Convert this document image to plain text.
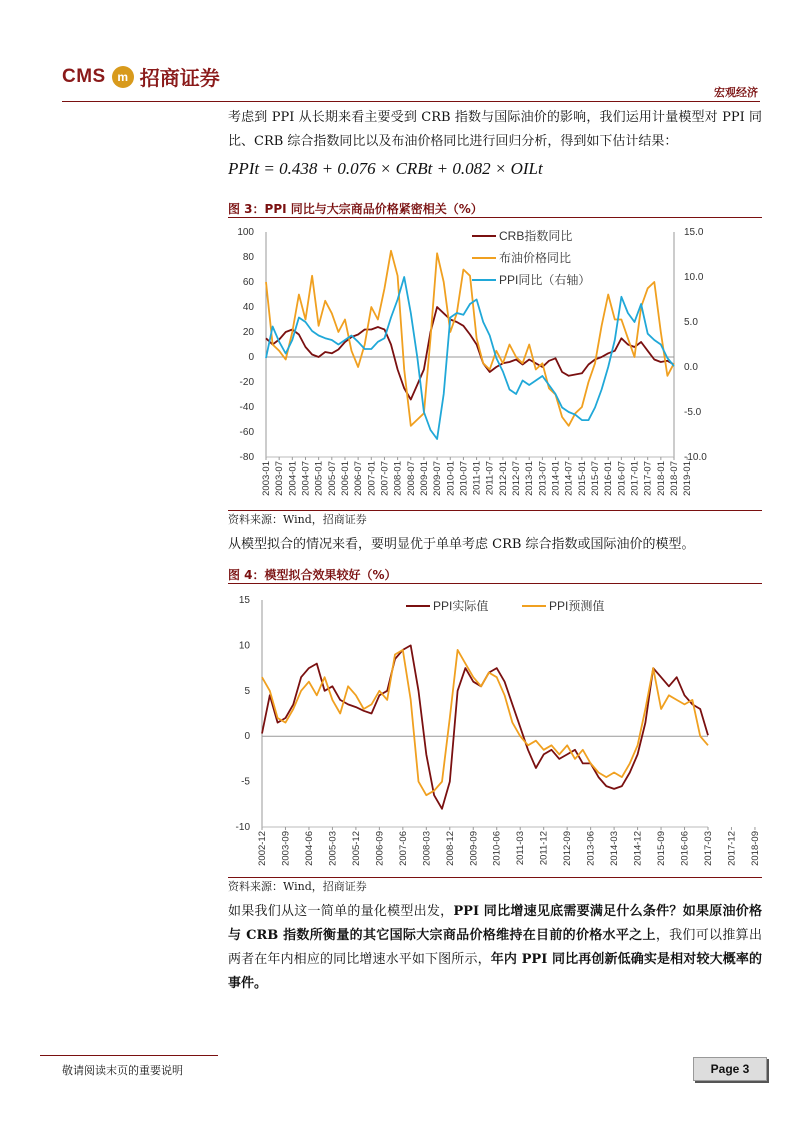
CMS m 招商证券
宏观经济
考虑到 PPI 从长期来看主要受到 CRB 指数与国际油价的影响，我们运用计量模型对 PPI 同比、CRB 综合指数同比以及布油价格同比进行回归分析，得到如下估计结果：
PPIt = 0.438 + 0.076 × CRBt + 0.082 × OILt
图 3：PPI 同比与大宗商品价格紧密相关（%）
100
80
60
40
20
0
-20
-40
-60
-80
15.0
10.0
5.0
0.0
-5.0
-10.0
2003-01 2003-07 2004-01 2004-07 2005-01 2005-07 2006-01 2006-07 2007-01 2007-07 2008-01 2008-07 2009-01 2009-07 2010-01 2010-07 2011-01 2011-07 2012-01 2012-07 2013-01 2013-07 2014-01 2014-07 2015-01 2015-07 2016-01 2016-07 2017-01 2017-07 2018-01 2018-07 2019-01
CRB指数同比
布油价格同比
PPI同比（右轴）
资料来源：Wind，招商证券
从模型拟合的情况来看，要明显优于单单考虑 CRB 综合指数或国际油价的模型。
图 4：模型拟合效果较好（%）
15
10
5
0
-5
-10
2002-12 2003-09 2004-06 2005-03 2005-12 2006-09 2007-06 2008-03 2008-12 2009-09 2010-06 2011-03 2011-12 2012-09 2013-06 2014-03 2014-12 2015-09 2016-06 2017-03 2017-12 2018-09
PPI实际值	PPI预测值
资料来源：Wind，招商证券
如果我们从这一简单的量化模型出发，PPI 同比增速见底需要满足什么条件？如果原油价格与 CRB 指数所衡量的其它国际大宗商品价格维持在目前的价格水平之上，我们可以推算出两者在年内相应的同比增速水平如下图所示，年内 PPI 同比再创新低确实是相对较大概率的事件。
敬请阅读末页的重要说明	Page 3
